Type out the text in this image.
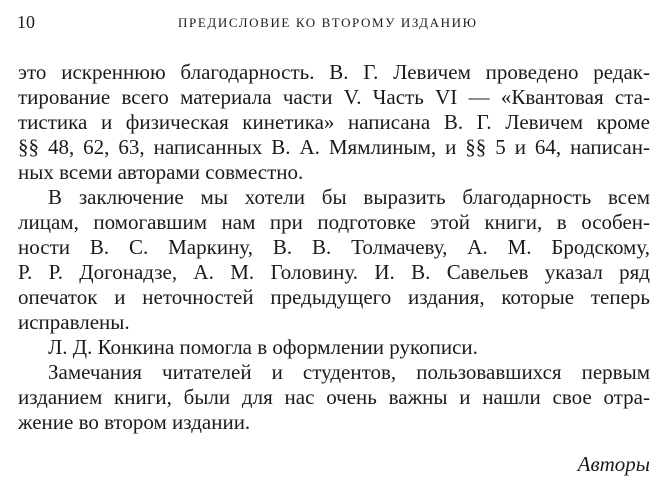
10	ПРЕДИСЛОВИЕ КО ВТОРОМУ ИЗДАНИЮ
это искреннюю благодарность. В. Г. Левичем проведено редак-
тирование всего материала части V. Часть VI — «Квантовая ста-
тистика и физическая кинетика» написана В. Г. Левичем кроме
§§ 48, 62, 63, написанных В. А. Мямлиным, и §§ 5 и 64, написан-
ных всеми авторами совместно.
В заключение мы хотели бы выразить благодарность всем
лицам, помогавшим нам при подготовке этой книги, в особен-
ности В. С. Маркину, В. В. Толмачеву, А. М. Бродскому,
Р. Р. Догонадзе, А. М. Головину. И. В. Савельев указал ряд
опечаток и неточностей предыдущего издания, которые теперь
исправлены.
Л. Д. Конкина помогла в оформлении рукописи.
Замечания читателей и студентов, пользовавшихся первым
изданием книги, были для нас очень важны и нашли свое отра-
жение во втором издании.
Авторы
